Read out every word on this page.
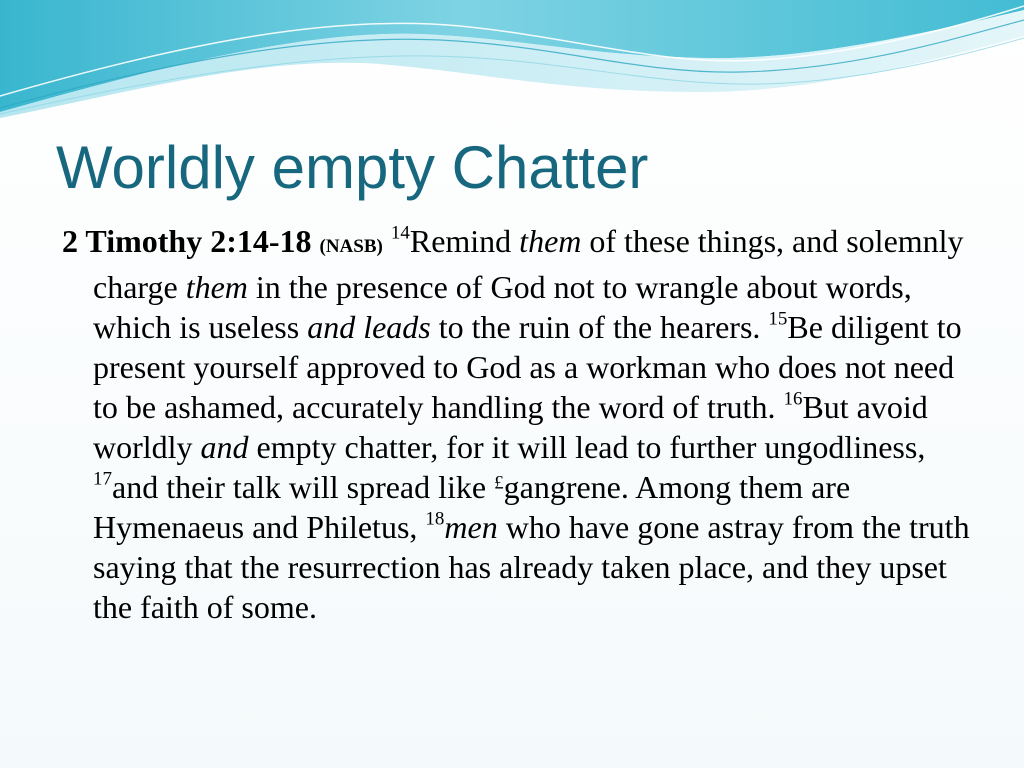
Worldly empty Chatter

2 Timothy 2:14-18 (NASB) $^{14}$Remind them of these things, and solemnly charge them in the presence of God not to wrangle about words, which is useless and leads to the ruin of the hearers. $^{15}$Be diligent to present yourself approved to God as a workman who does not need to be ashamed, accurately handling the word of truth. $^{16}$But avoid worldly and empty chatter, for it will lead to further ungodliness, $^{17}$and their talk will spread like £gangrene. Among them are Hymenaeus and Philetus, $^{18}$men who have gone astray from the truth saying that the resurrection has already taken place, and they upset the faith of some.
